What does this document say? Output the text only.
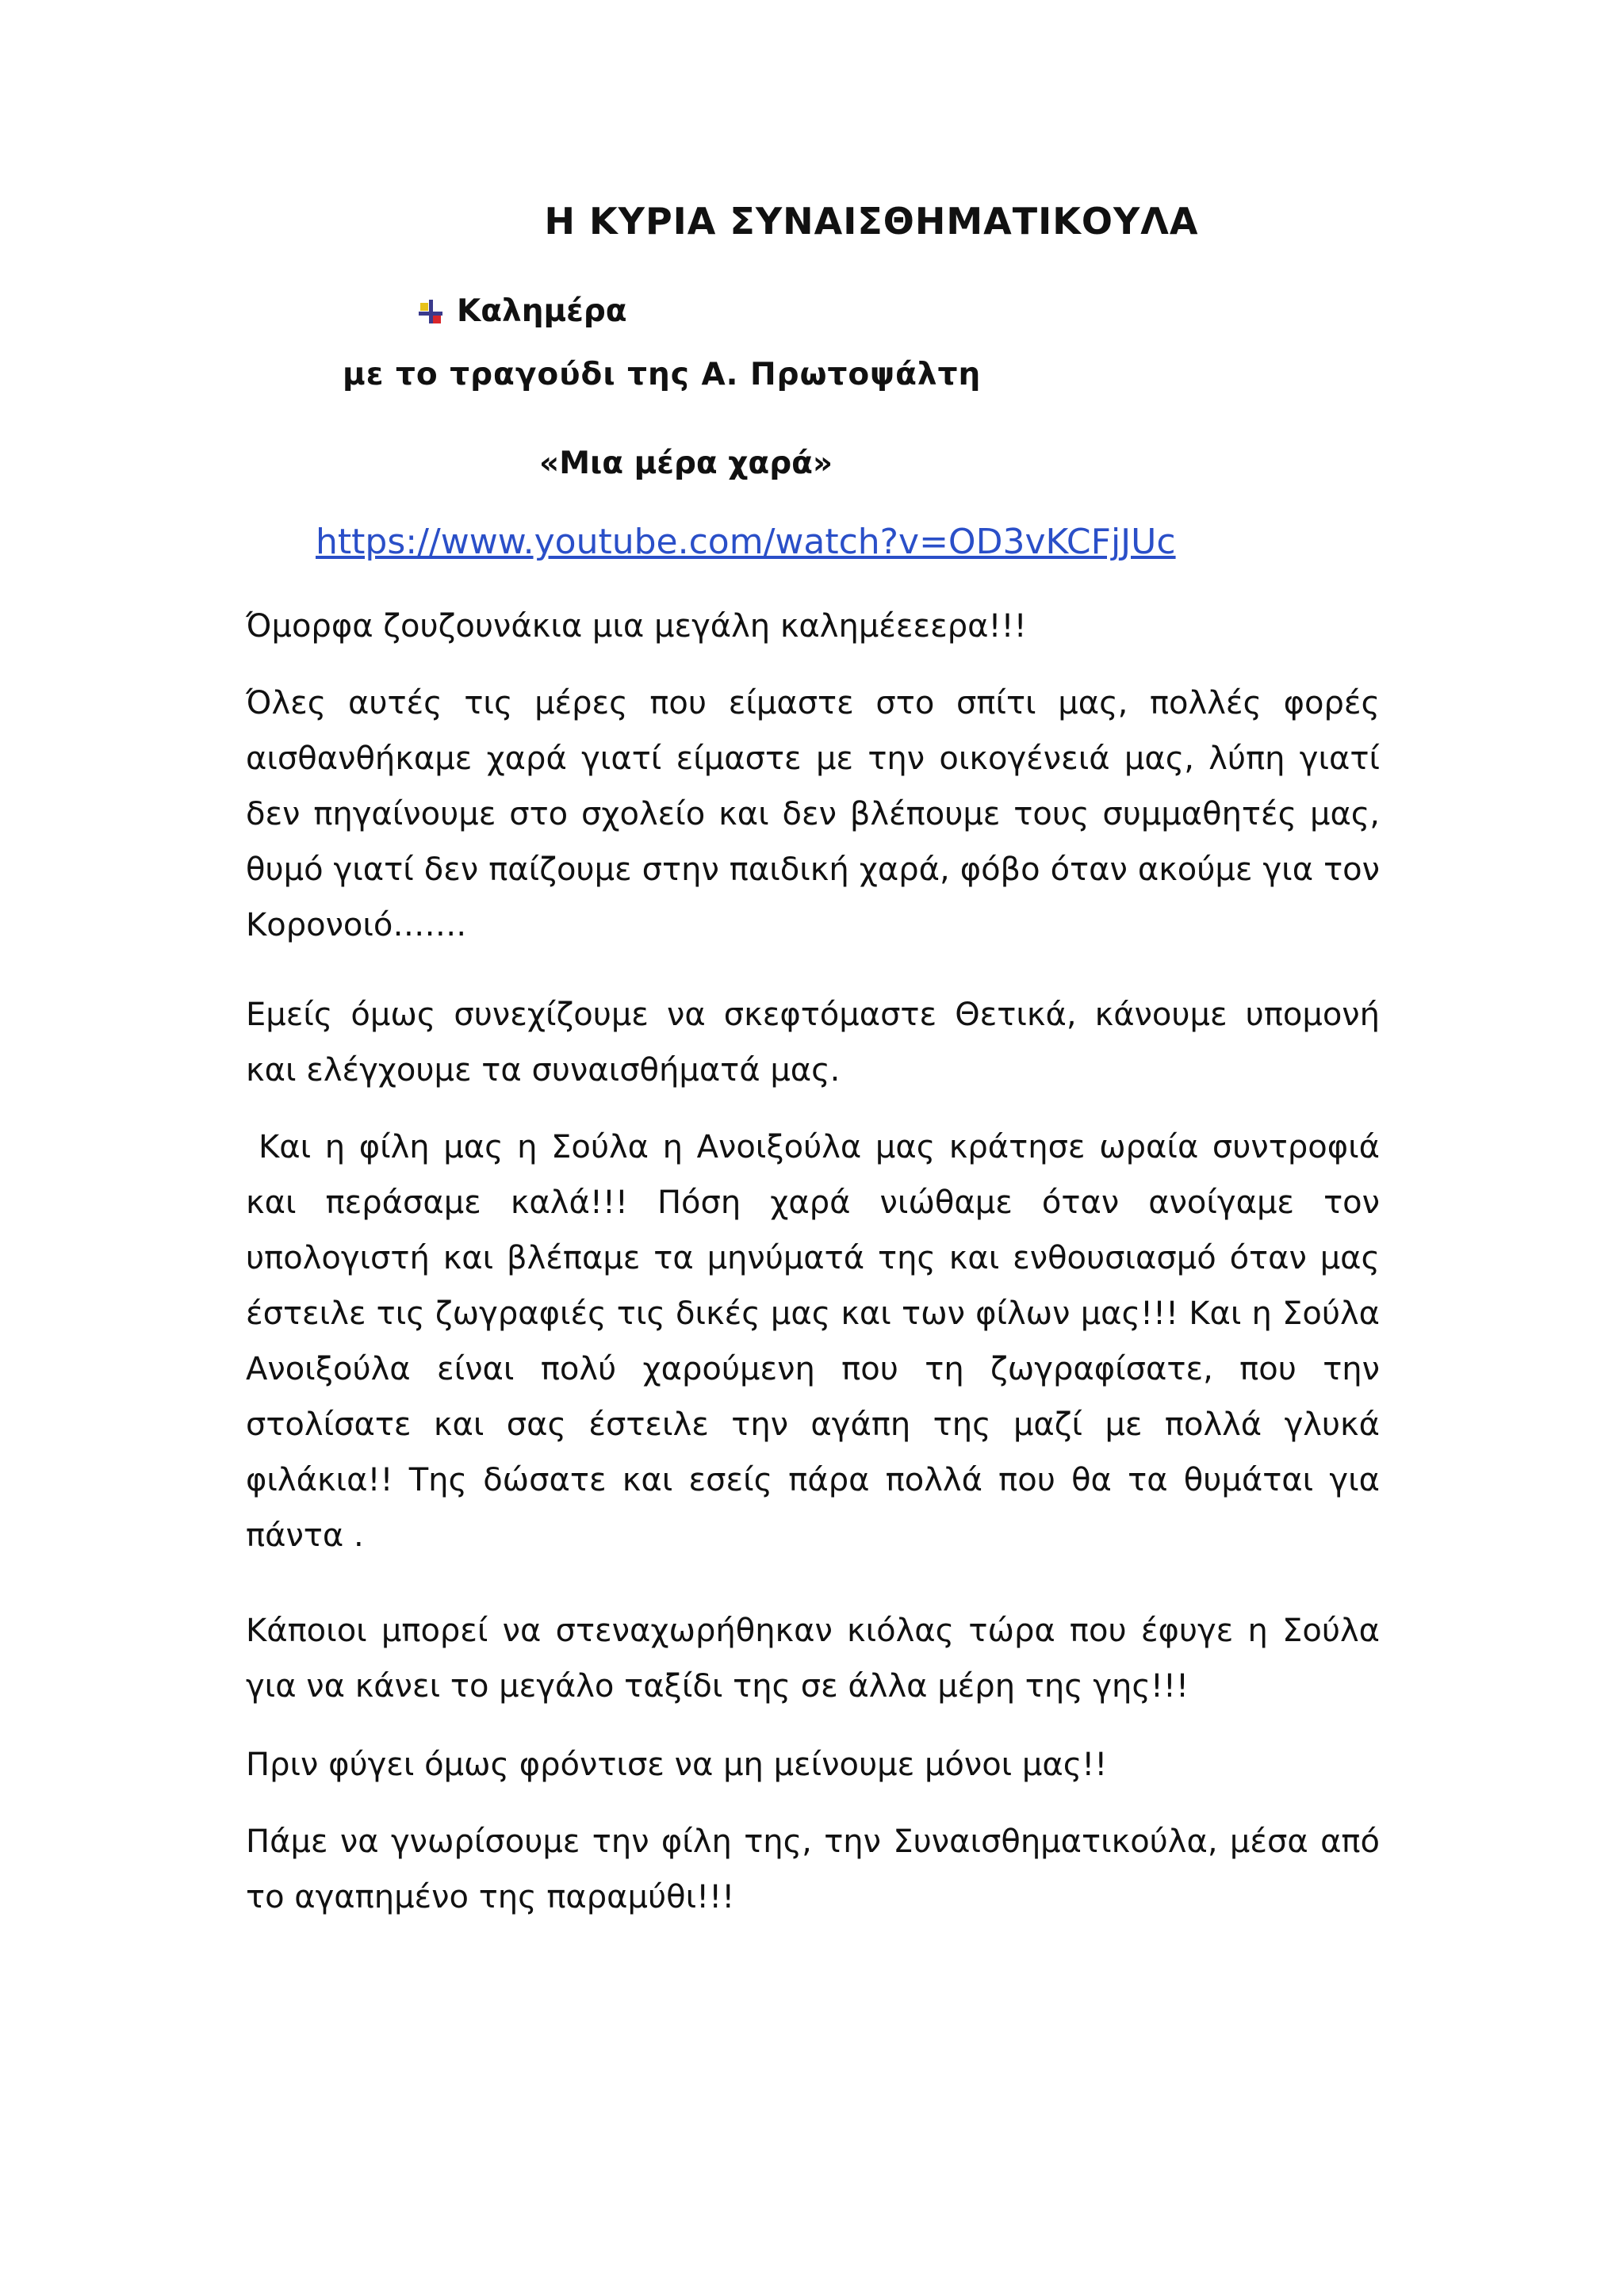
Η ΚΥΡΙΑ ΣΥΝΑΙΣΘΗΜΑΤΙΚΟΥΛΑ
Καλημέρα
με το τραγούδι της Α. Πρωτοψάλτη
«Μια μέρα χαρά»
https://www.youtube.com/watch?v=OD3vKCFjJUc

Όμορφα ζουζουνάκια μια μεγάλη καλημέεεερα!!!

Όλες αυτές τις μέρες που είμαστε στο σπίτι μας, πολλές φορές αισθανθήκαμε χαρά γιατί είμαστε με την οικογένειά μας, λύπη γιατί δεν πηγαίνουμε στο σχολείο και δεν βλέπουμε τους συμμαθητές μας, θυμό γιατί δεν παίζουμε στην παιδική χαρά, φόβο όταν ακούμε για τον Κορονοιό…….

Εμείς όμως συνεχίζουμε να σκεφτόμαστε Θετικά, κάνουμε υπομονή και ελέγχουμε τα συναισθήματά μας.

Και η φίλη μας η Σούλα η Ανοιξούλα μας κράτησε ωραία συντροφιά και περάσαμε καλά!!! Πόση χαρά νιώθαμε όταν ανοίγαμε τον υπολογιστή και βλέπαμε τα μηνύματά της και ενθουσιασμό όταν μας έστειλε τις ζωγραφιές τις δικές μας και των φίλων μας!!! Και η Σούλα Ανοιξούλα είναι πολύ χαρούμενη που τη ζωγραφίσατε, που την στολίσατε και σας έστειλε την αγάπη της μαζί με πολλά γλυκά φιλάκια!! Της δώσατε και εσείς πάρα πολλά που θα τα θυμάται για πάντα .

Κάποιοι μπορεί να στεναχωρήθηκαν κιόλας τώρα που έφυγε η Σούλα για να κάνει το μεγάλο ταξίδι της σε άλλα μέρη της γης!!!

Πριν φύγει όμως φρόντισε να μη μείνουμε μόνοι μας!!

Πάμε να γνωρίσουμε την φίλη της, την Συναισθηματικούλα, μέσα από το αγαπημένο της παραμύθι!!!
